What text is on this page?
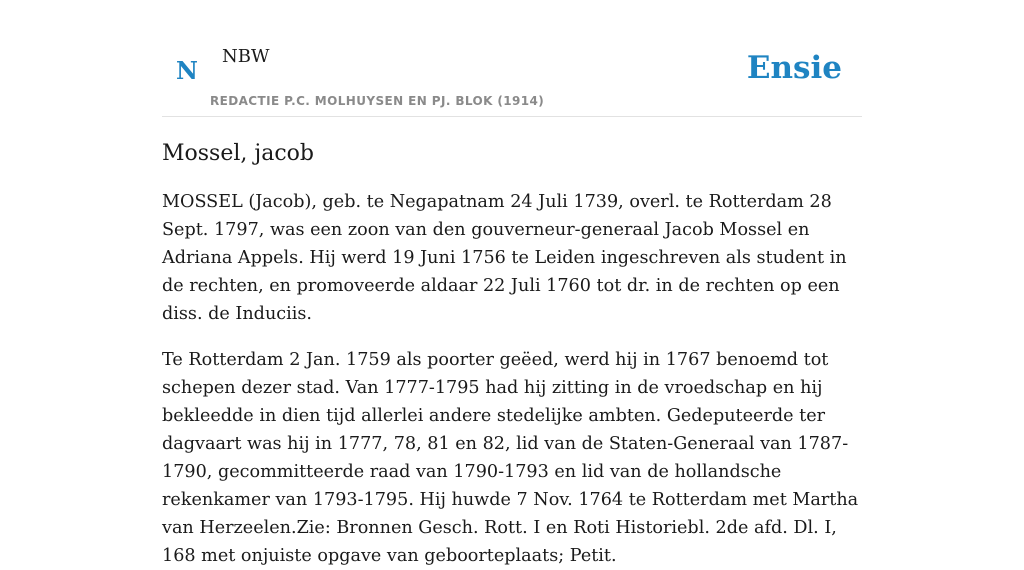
N NBW
REDACTIE P.C. MOLHUYSEN EN PJ. BLOK (1914)
Ensie
Mossel, jacob

MOSSEL (Jacob), geb. te Negapatnam 24 Juli 1739, overl. te Rotterdam 28 Sept. 1797, was een zoon van den gouverneur-generaal Jacob Mossel en Adriana Appels. Hij werd 19 Juni 1756 te Leiden ingeschreven als student in de rechten, en promoveerde aldaar 22 Juli 1760 tot dr. in de rechten op een diss. de Induciis.

Te Rotterdam 2 Jan. 1759 als poorter geëed, werd hij in 1767 benoemd tot schepen dezer stad. Van 1777-1795 had hij zitting in de vroedschap en hij bekleedde in dien tijd allerlei andere stedelijke ambten. Gedeputeerde ter dagvaart was hij in 1777, 78, 81 en 82, lid van de Staten-Generaal van 1787-1790, gecommitteerde raad van 1790-1793 en lid van de hollandsche rekenkamer van 1793-1795. Hij huwde 7 Nov. 1764 te Rotterdam met Martha van Herzeelen.Zie: Bronnen Gesch. Rott. I en Roti Historiebl. 2de afd. Dl. I, 168 met onjuiste opgave van geboorteplaats; Petit.
